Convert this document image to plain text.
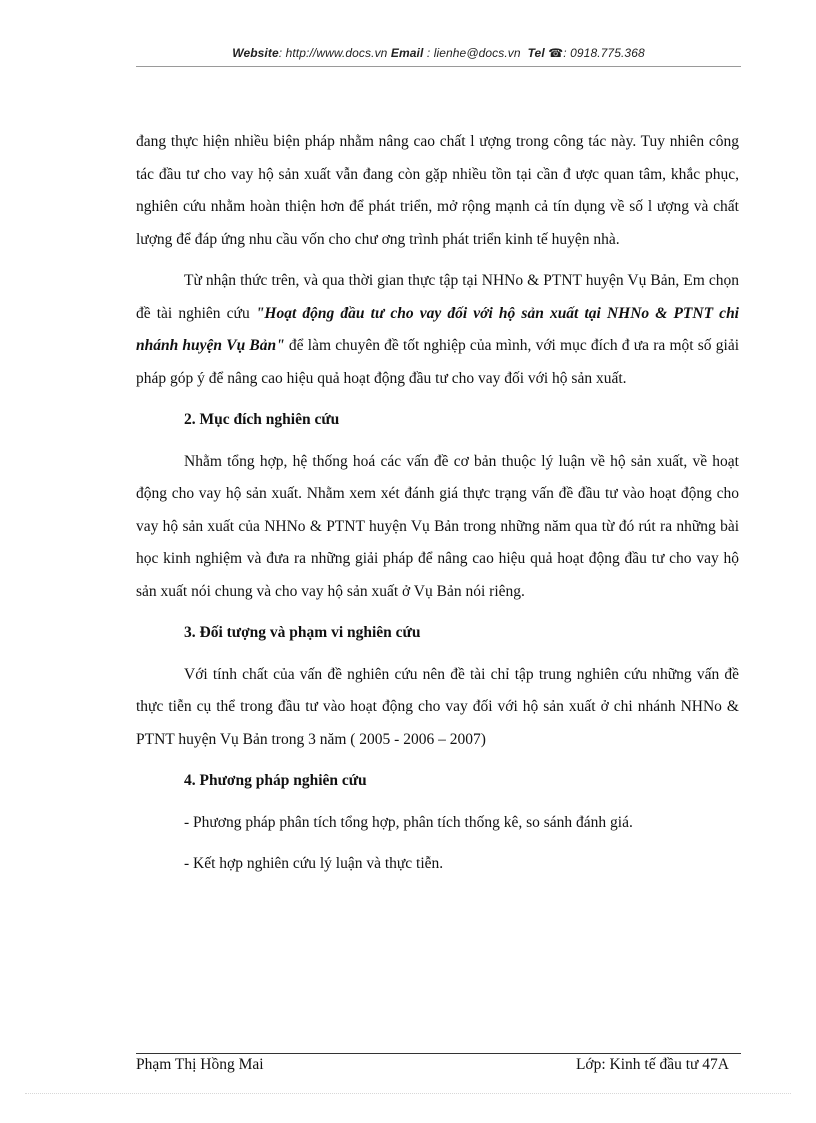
Website: http://www.docs.vn Email : lienhe@docs.vn Tel ☎: 0918.775.368

đang thực hiện nhiều biện pháp nhằm nâng cao chất l ượng trong công tác này. Tuy nhiên công tác đầu tư cho vay hộ sản xuất vẫn đang còn gặp nhiều tồn tại cần đ ược quan tâm, khắc phục, nghiên cứu nhằm hoàn thiện hơn để phát triển, mở rộng mạnh cả tín dụng về số l ượng và chất lượng để đáp ứng nhu cầu vốn cho chư ơng trình phát triển kinh tế huyện nhà.

Từ nhận thức trên, và qua thời gian thực tập tại NHNo & PTNT huyện Vụ Bản, Em chọn đề tài nghiên cứu "Hoạt động đầu tư cho vay đối với hộ sản xuất tại NHNo & PTNT chi nhánh huyện Vụ Bản" để làm chuyên đề tốt nghiệp của mình, với mục đích đ ưa ra một số giải pháp góp ý để nâng cao hiệu quả hoạt động đầu tư cho vay đối với hộ sản xuất.

2. Mục đích nghiên cứu

Nhằm tổng hợp, hệ thống hoá các vấn đề cơ bản thuộc lý luận về hộ sản xuất, về hoạt động cho vay hộ sản xuất. Nhằm xem xét đánh giá thực trạng vấn đề đầu tư vào hoạt động cho vay hộ sản xuất của NHNo & PTNT huyện Vụ Bản trong những năm qua từ đó rút ra những bài học kinh nghiệm và đưa ra những giải pháp để nâng cao hiệu quả hoạt động đầu tư cho vay hộ sản xuất nói chung và cho vay hộ sản xuất ở Vụ Bản nói riêng.

3. Đối tượng và phạm vi nghiên cứu

Với tính chất của vấn đề nghiên cứu nên đề tài chỉ tập trung nghiên cứu những vấn đề thực tiễn cụ thể trong đầu tư vào hoạt động cho vay đối với hộ sản xuất ở chi nhánh NHNo & PTNT huyện Vụ Bản trong 3 năm ( 2005 - 2006 – 2007)

4. Phương pháp nghiên cứu

- Phương pháp phân tích tổng hợp, phân tích thống kê, so sánh đánh giá.

- Kết hợp nghiên cứu lý luận và thực tiễn.

Phạm Thị Hồng Mai	Lớp: Kinh tế đầu tư 47A
